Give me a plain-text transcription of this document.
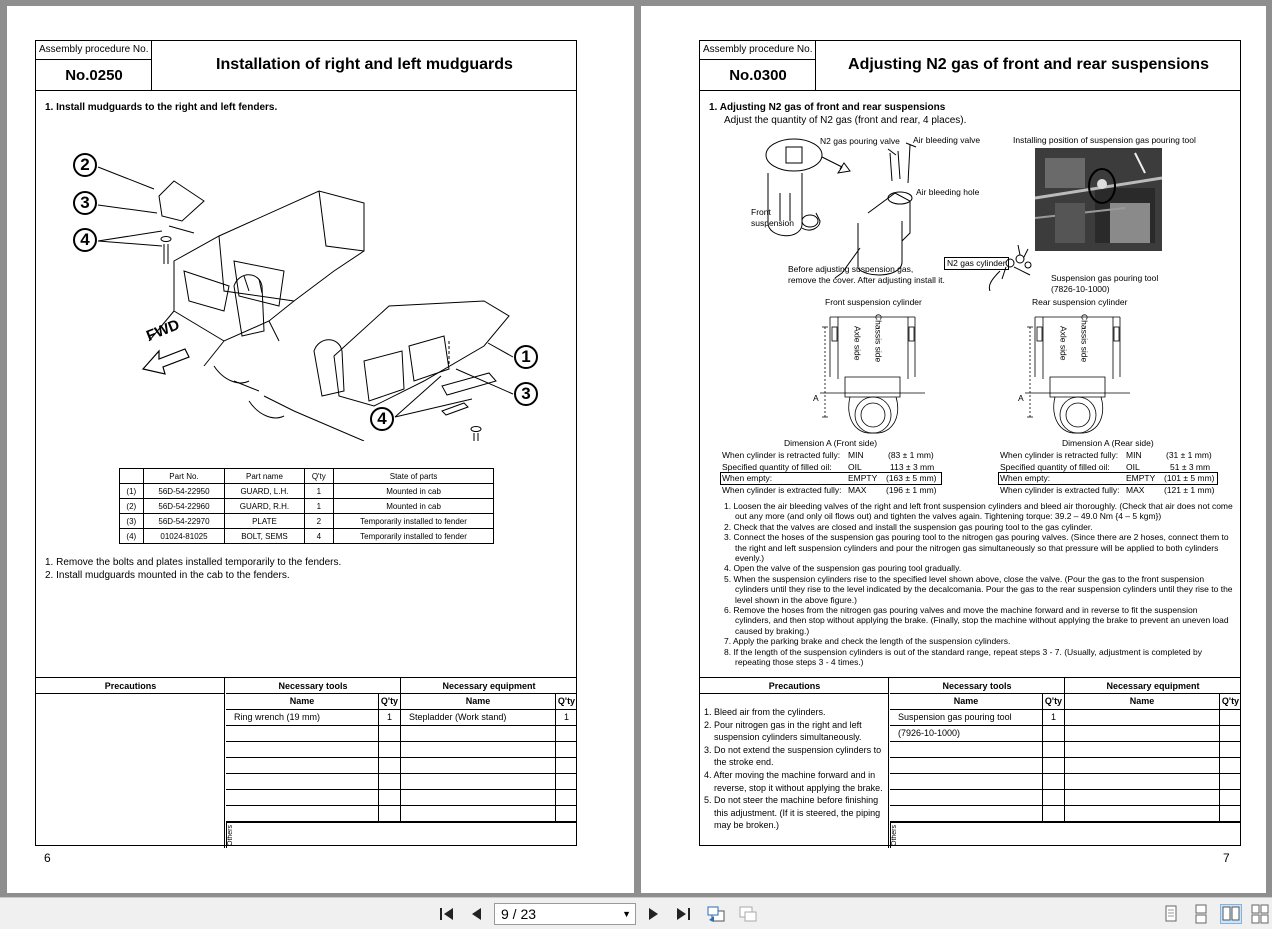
Assembly procedure No.
No.0250
Installation of right and left mudguards
1. Install mudguards to the right and left fenders.
2
3
4
1
3
4
FWD
	Part No.	Part name	Q'ty	State of parts
(1)	56D-54-22950	GUARD, L.H.	1	Mounted in cab
(2)	56D-54-22960	GUARD, R.H.	1	Mounted in cab
(3)	56D-54-22970	PLATE	2	Temporarily installed to fender
(4)	01024-81025	BOLT, SEMS	4	Temporarily installed to fender
1. Remove the bolts and plates installed temporarily to the fenders.
2. Install mudguards mounted in the cab to the fenders.
Precautions	Necessary tools	Necessary equipment
Name	Q'ty	Name	Q'ty
Ring wrench (19 mm)	1	Stepladder (Work stand)	1
Others
6
Assembly procedure No.
No.0300
Adjusting N2 gas of front and rear suspensions
1. Adjusting N2 gas of front and rear suspensions
Adjust the quantity of N2 gas (front and rear, 4 places).
N2 gas pouring valve Air bleeding valve	Installing position of suspension gas pouring tool
Air bleeding hole
Front
suspension
Before adjusting suspension gas,
remove the cover. After adjusting install it.
N2 gas cylinder
Suspension gas pouring tool
(7826-10-1000)
Front suspension cylinder	Rear suspension cylinder
Axle side Chassis side	Axle side Chassis side
A	A
Dimension A (Front side)
When cylinder is retracted fully: MIN	(83 ± 1 mm)
Specified quantity of filled oil: OIL	113 ± 3 mm
When empty:	EMPTY (163 ± 5 mm)
When cylinder is extracted fully: MAX (196 ± 1 mm)
Dimension A (Rear side)
When cylinder is retracted fully: MIN	(31 ± 1 mm)
Specified quantity of filled oil: OIL	51 ± 3 mm
When empty:	EMPTY (101 ± 5 mm)
When cylinder is extracted fully: MAX (121 ± 1 mm)
1. Loosen the air bleeding valves of the right and left front suspension cylinders and bleed air thoroughly. (Check that air does not come out any more (and only oil flows out) and tighten the valves again. Tightening torque: 39.2 – 49.0 Nm {4 – 5 kgm})
2. Check that the valves are closed and install the suspension gas pouring tool to the gas cylinder.
3. Connect the hoses of the suspension gas pouring tool to the nitrogen gas pouring valves. (Since there are 2 hoses, connect them to the right and left suspension cylinders and pour the nitrogen gas simultaneously so that pressure will be applied to both cylinders evenly.)
4. Open the valve of the suspension gas pouring tool gradually.
5. When the suspension cylinders rise to the specified level shown above, close the valve. (Pour the gas to the front suspension cylinders until they rise to the level indicated by the decalcomania. Pour the gas to the rear suspension cylinders until they rise to the level shown in the above figure.)
6. Remove the hoses from the nitrogen gas pouring valves and move the machine forward and in reverse to fit the suspension cylinders, and then stop without applying the brake. (Finally, stop the machine without applying the brake to prevent an uneven load caused by braking.)
7. Apply the parking brake and check the length of the suspension cylinders.
8. If the length of the suspension cylinders is out of the standard range, repeat steps 3 - 7. (Usually, adjustment is completed by repeating those steps 3 - 4 times.)
Precautions
1. Bleed air from the cylinders.
2. Pour nitrogen gas in the right and left suspension cylinders simultaneously.
3. Do not extend the suspension cylinders to the stroke end.
4. After moving the machine forward and in reverse, stop it without applying the brake.
5. Do not steer the machine before finishing this adjustment. (If it is steered, the piping may be broken.)
Necessary tools	Necessary equipment
Name	Q'ty	Name	Q'ty
Suspension gas pouring tool	1
(7926-10-1000)
Others
7
9 / 23	▼
